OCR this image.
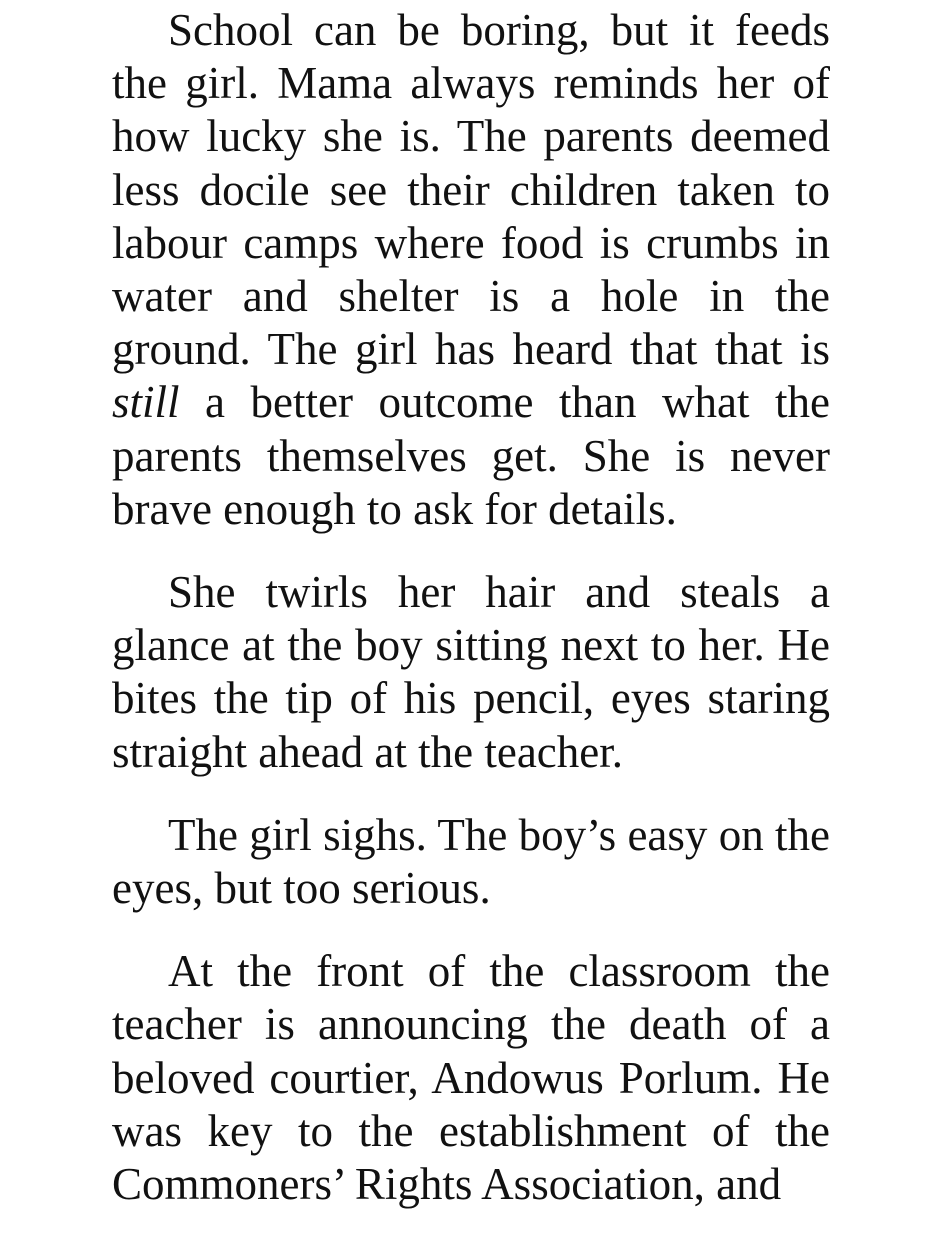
School can be boring, but it feeds the girl. Mama always reminds her of how lucky she is. The parents deemed less docile see their children taken to labour camps where food is crumbs in water and shelter is a hole in the ground. The girl has heard that that is still a better outcome than what the parents themselves get. She is never brave enough to ask for details.

She twirls her hair and steals a glance at the boy sitting next to her. He bites the tip of his pencil, eyes staring straight ahead at the teacher.

The girl sighs. The boy’s easy on the eyes, but too serious.

At the front of the classroom the teacher is announcing the death of a beloved courtier, Andowus Porlum. He was key to the establishment of the Commoners’ Rights Association, and
